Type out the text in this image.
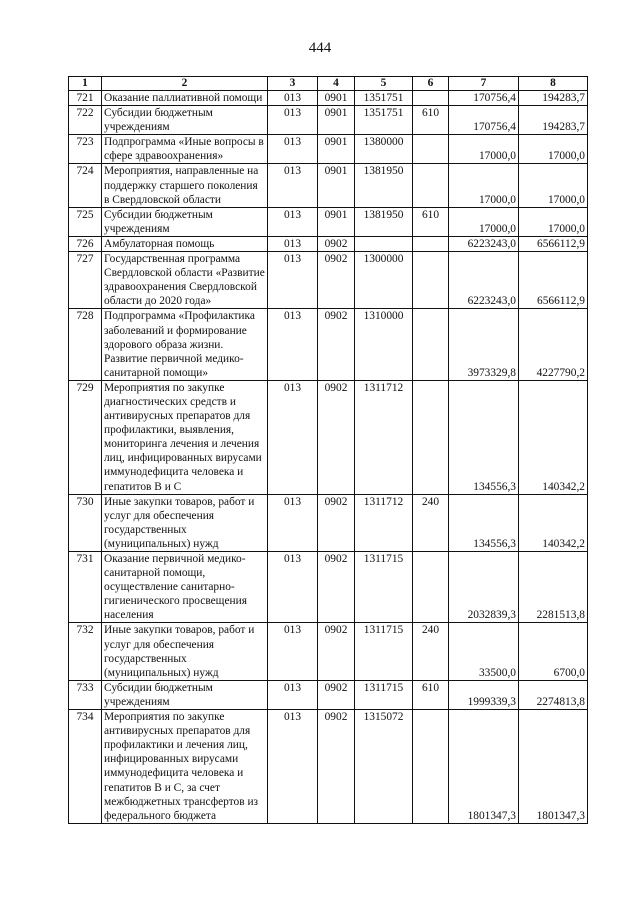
444
1	2	3	4	5	6	7	8
721	Оказание паллиативной помощи	013	0901	1351751		170756,4	194283,7
722	Субсидии бюджетным учреждениям	013	0901	1351751	610	170756,4	194283,7
723	Подпрограмма «Иные вопросы в сфере здравоохранения»	013	0901	1380000		17000,0	17000,0
724	Мероприятия, направленные на поддержку старшего поколения в Свердловской области	013	0901	1381950		17000,0	17000,0
725	Субсидии бюджетным учреждениям	013	0901	1381950	610	17000,0	17000,0
726	Амбулаторная помощь	013	0902			6223243,0	6566112,9
727	Государственная программа Свердловской области «Развитие здравоохранения Свердловской области до 2020 года»	013	0902	1300000		6223243,0	6566112,9
728	Подпрограмма «Профилактика заболеваний и формирование здорового образа жизни. Развитие первичной медико-санитарной помощи»	013	0902	1310000		3973329,8	4227790,2
729	Мероприятия по закупке диагностических средств и антивирусных препаратов для профилактики, выявления, мониторинга лечения и лечения лиц, инфицированных вирусами иммунодефицита человека и гепатитов В и С	013	0902	1311712		134556,3	140342,2
730	Иные закупки товаров, работ и услуг для обеспечения государственных (муниципальных) нужд	013	0902	1311712	240	134556,3	140342,2
731	Оказание первичной медико-санитарной помощи, осуществление санитарно-гигиенического просвещения населения	013	0902	1311715		2032839,3	2281513,8
732	Иные закупки товаров, работ и услуг для обеспечения государственных (муниципальных) нужд	013	0902	1311715	240	33500,0	6700,0
733	Субсидии бюджетным учреждениям	013	0902	1311715	610	1999339,3	2274813,8
734	Мероприятия по закупке антивирусных препаратов для профилактики и лечения лиц, инфицированных вирусами иммунодефицита человека и гепатитов В и С, за счет межбюджетных трансфертов из федерального бюджета	013	0902	1315072		1801347,3	1801347,3
